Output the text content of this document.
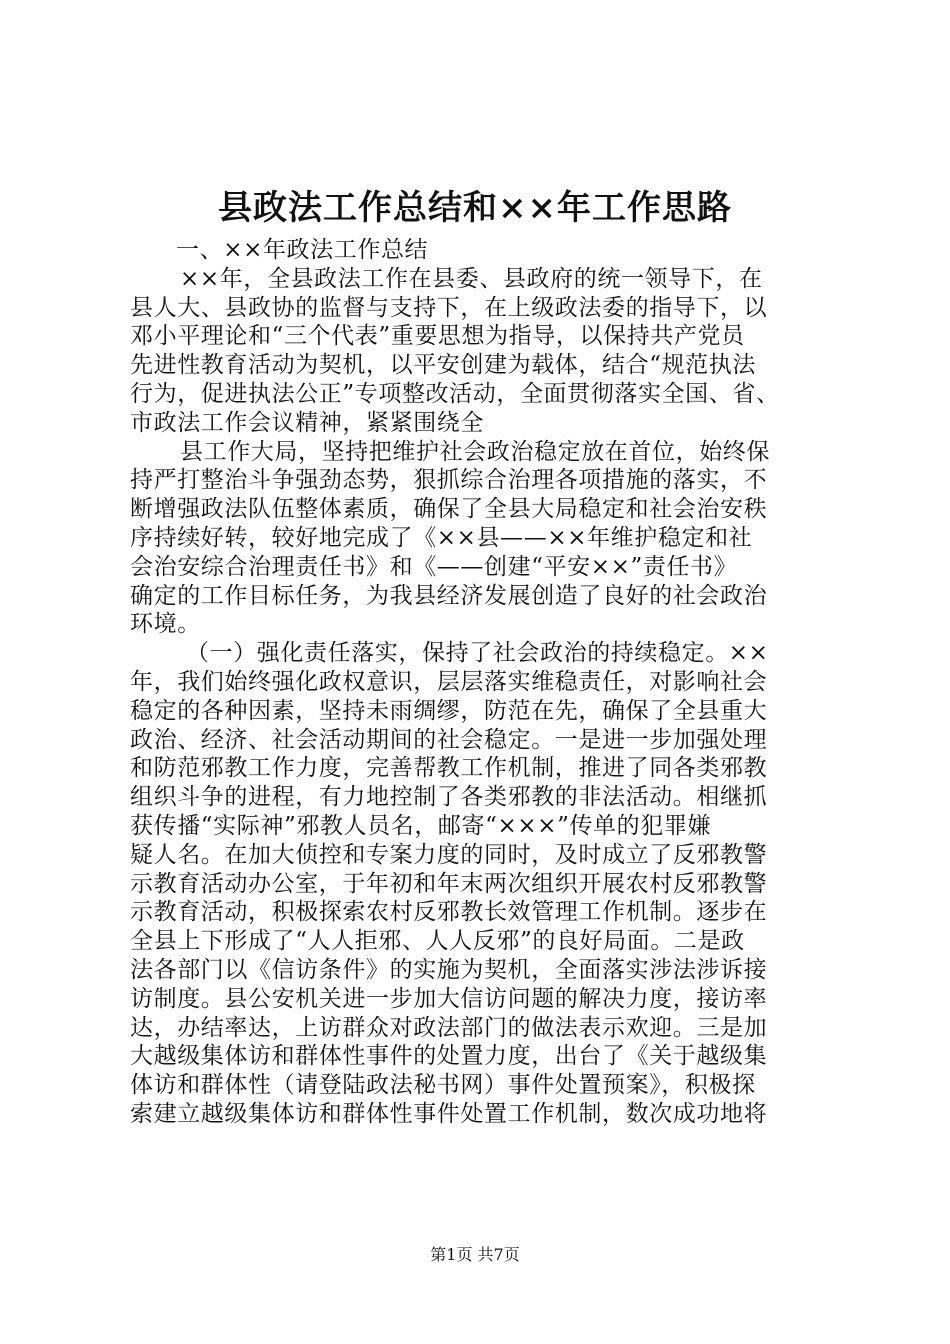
县政法工作总结和××年工作思路
一、××年政法工作总结
××年，全县政法工作在县委、县政府的统一领导下，在
县人大、县政协的监督与支持下，在上级政法委的指导下，以
邓小平理论和“三个代表”重要思想为指导，以保持共产党员
先进性教育活动为契机，以平安创建为载体，结合“规范执法
行为，促进执法公正”专项整改活动，全面贯彻落实全国、省、
市政法工作会议精神，紧紧围绕全
县工作大局，坚持把维护社会政治稳定放在首位，始终保
持严打整治斗争强劲态势，狠抓综合治理各项措施的落实，不
断增强政法队伍整体素质，确保了全县大局稳定和社会治安秩
序持续好转，较好地完成了《××县——××年维护稳定和社
会治安综合治理责任书》和《——创建“平安××”责任书》
确定的工作目标任务，为我县经济发展创造了良好的社会政治
环境。
（一）强化责任落实，保持了社会政治的持续稳定。××
年，我们始终强化政权意识，层层落实维稳责任，对影响社会
稳定的各种因素，坚持未雨绸缪，防范在先，确保了全县重大
政治、经济、社会活动期间的社会稳定。一是进一步加强处理
和防范邪教工作力度，完善帮教工作机制，推进了同各类邪教
组织斗争的进程，有力地控制了各类邪教的非法活动。相继抓
获传播“实际神”邪教人员名，邮寄“×××”传单的犯罪嫌
疑人名。在加大侦控和专案力度的同时，及时成立了反邪教警
示教育活动办公室，于年初和年末两次组织开展农村反邪教警
示教育活动，积极探索农村反邪教长效管理工作机制。逐步在
全县上下形成了“人人拒邪、人人反邪”的良好局面。二是政
法各部门以《信访条件》的实施为契机，全面落实涉法涉诉接
访制度。县公安机关进一步加大信访问题的解决力度，接访率
达，办结率达，上访群众对政法部门的做法表示欢迎。三是加
大越级集体访和群体性事件的处置力度，出台了《关于越级集
体访和群体性（请登陆政法秘书网）事件处置预案》，积极探
索建立越级集体访和群体性事件处置工作机制，数次成功地将
第1页 共7页
